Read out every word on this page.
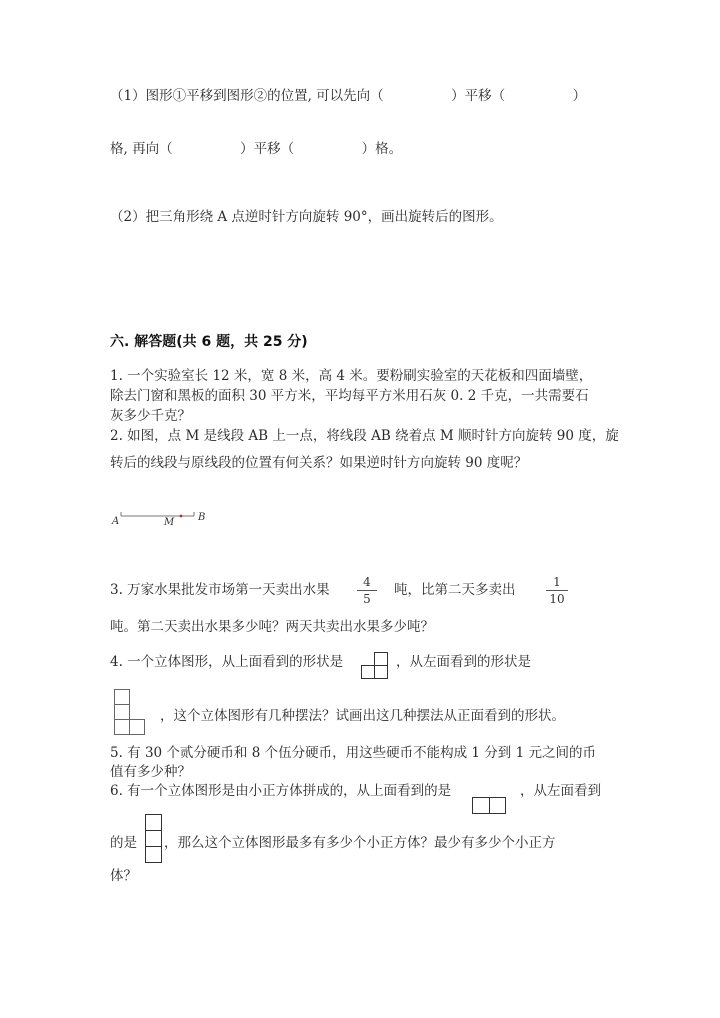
（1）图形①平移到图形②的位置, 可以先向（　　　　　）平移（　　　　　）
格, 再向（　　　　　）平移（　　　　　）格。
（2）把三角形绕 A 点逆时针方向旋转 90°，画出旋转后的图形。
六. 解答题(共 6 题，共 25 分)
1. 一个实验室长 12 米，宽 8 米，高 4 米。要粉刷实验室的天花板和四面墙壁，
除去门窗和黑板的面积 30 平方米，平均每平方米用石灰 0. 2 千克，一共需要石
灰多少千克？
2. 如图，点 M 是线段 AB 上一点，将线段 AB 绕着点 M 顺时针方向旋转 90 度，旋
转后的线段与原线段的位置有何关系？如果逆时针方向旋转 90 度呢？
A	M B
3. 万家水果批发市场第一天卖出水果	4
5
吨，比第二天多卖出	1
10
吨。第二天卖出水果多少吨？两天共卖出水果多少吨？
4. 一个立体图形，从上面看到的形状是	，从左面看到的形状是
，这个立体图形有几种摆法？试画出这几种摆法从正面看到的形状。
5. 有 30 个贰分硬币和 8 个伍分硬币，用这些硬币不能构成 1 分到 1 元之间的币
值有多少种？
6. 有一个立体图形是由小正方体拼成的，从上面看到的是	，从左面看到
的是 ，那么这个立体图形最多有多少个小正方体？最少有多少个小正方
体？
